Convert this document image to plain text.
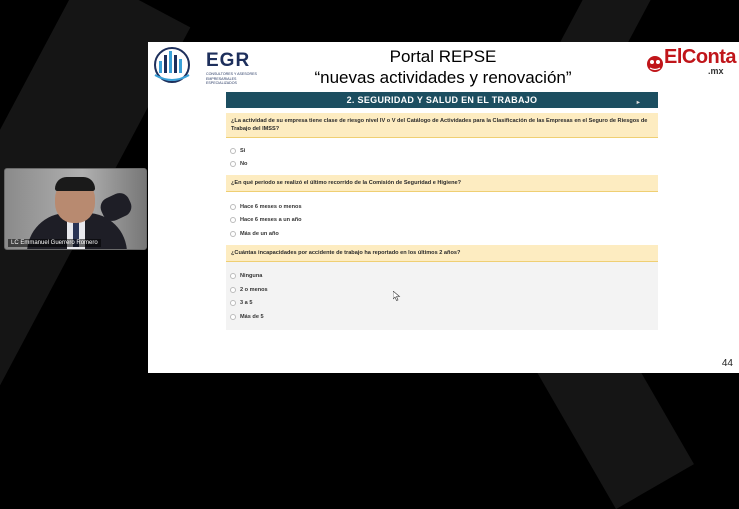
LC Emmanuel Guerrero Romero
EGR
CONSULTORES Y ASESORES EMPRESARIALES ESPECIALIZADOS
Portal REPSE
“nuevas actividades y renovación”
ElConta
.mx
2. SEGURIDAD Y SALUD EN EL TRABAJO	▸
¿La actividad de su empresa tiene clase de riesgo nivel IV o V del Catálogo de Actividades para la Clasificación de las Empresas en el Seguro de Riesgos de Trabajo del IMSS?
Si
No
¿En qué periodo se realizó el último recorrido de la Comisión de Seguridad e Higiene?
Hace 6 meses o menos
Hace 6 meses a un año
Más de un año
¿Cuántas incapacidades por accidente de trabajo ha reportado en los últimos 2 años?
Ninguna
2 o menos
3 a 5
Más de 5
44
